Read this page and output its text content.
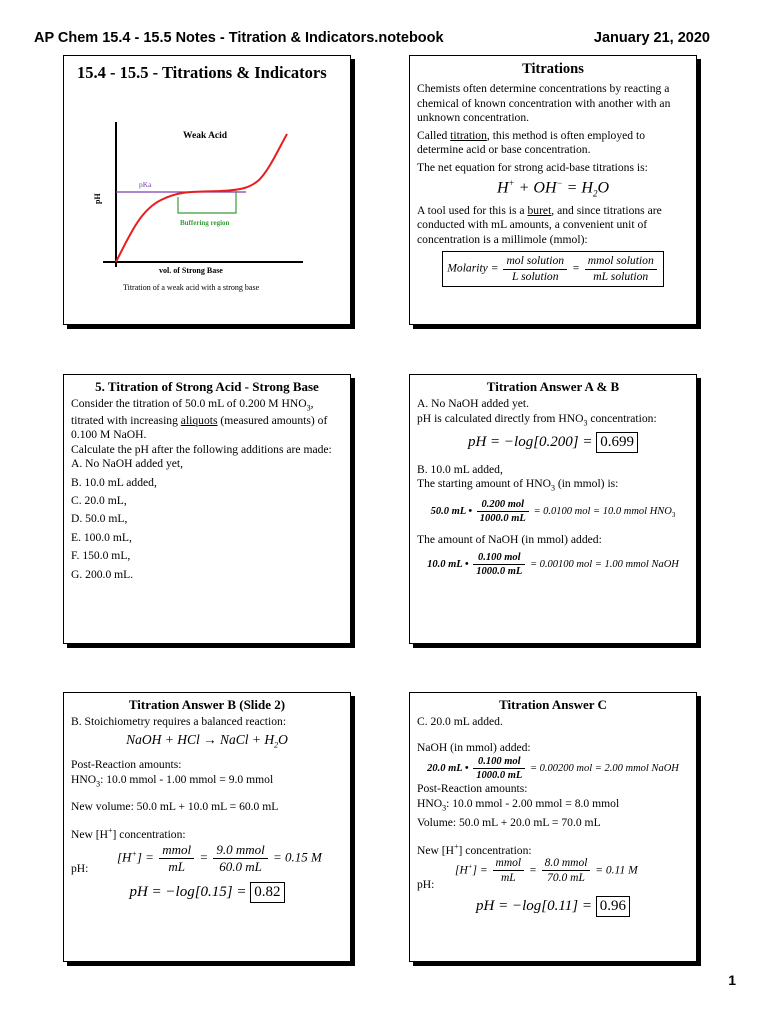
AP Chem 15.4 - 15.5 Notes - Titration & Indicators.notebook	January 21, 2020
15.4 - 15.5 - Titrations & Indicators
Weak Acid
pH
pKa
Buffering region
vol. of Strong Base
Titration of a weak acid with a strong base
Titrations

Chemists often determine concentrations by reacting a chemical of known concentration with another with an unknown concentration.

Called titration, this method is often employed to determine acid or base concentration.

The net equation for strong acid-base titrations is:

$H^+ + OH^- = H_2O$

A tool used for this is a buret, and since titrations are conducted with mL amounts, a convenient unit of concentration is a millimole (mmol):

Molarity = $\frac{\text{mol solution}}{\text{L solution}} = \frac{\text{mmol solution}}{\text{mL solution}}$
5. Titration of Strong Acid - Strong Base

Consider the titration of 50.0 mL of 0.200 M $HNO_3$, titrated with increasing aliquots (measured amounts) of 0.100 M NaOH.

Calculate the pH after the following additions are made:

A. No NaOH added yet,
B. 10.0 mL added,
C. 20.0 mL,
D. 50.0 mL,
E. 100.0 mL,
F. 150.0 mL,
G. 200.0 mL.
Titration Answer A & B

A. No NaOH added yet.

pH is calculated directly from $HNO_3$ concentration:

pH = −log[0.200] = 0.699

B. 10.0 mL added,

The starting amount of $HNO_3$ (in mmol) is:

50.0 mL • $\frac{\text{0.200 mol}}{1000.0 mL} = 0.0100$ mol = 10.0 mmol $HNO_3$

The amount of NaOH (in mmol) added:

10.0 mL • $\frac{\text{0.100 mol}}{1000.0 mL} = 0.00100$ mol = 1.00 mmol NaOH
Titration Answer B (Slide 2)

B. Stoichiometry requires a balanced reaction:

NaOH + HCl → NaCl + $H_2O$

Post-Reaction amounts:

$HNO_3$: 10.0 mmol - 1.00 mmol = 9.0 mmol

New volume: 50.0 mL + 10.0 mL = 60.0 mL

New [H+] concentration:

pH:
$[H^+] = \frac{\text{mmol}}{mL} = \frac{\text{9.0 mmol}}{60.0 mL} = 0.15$ M
pH = −log[0.15] = 0.82
Titration Answer C

C. 20.0 mL added.

NaOH (in mmol) added:

20.0 mL • $\frac{\text{0.100 mol}}{1000.0 mL} = 0.00200$ mol = 2.00 mmol NaOH

Post-Reaction amounts:

$HNO_3$: 10.0 mmol - 2.00 mmol = 8.0 mmol

Volume: 50.0 mL + 20.0 mL = 70.0 mL

New [H+] concentration:

pH:
$[H^+] = \frac{\text{mmol}}{mL} = \frac{\text{8.0 mmol}}{70.0 mL} = 0.11$ M
pH = −log[0.11] = 0.96
1
